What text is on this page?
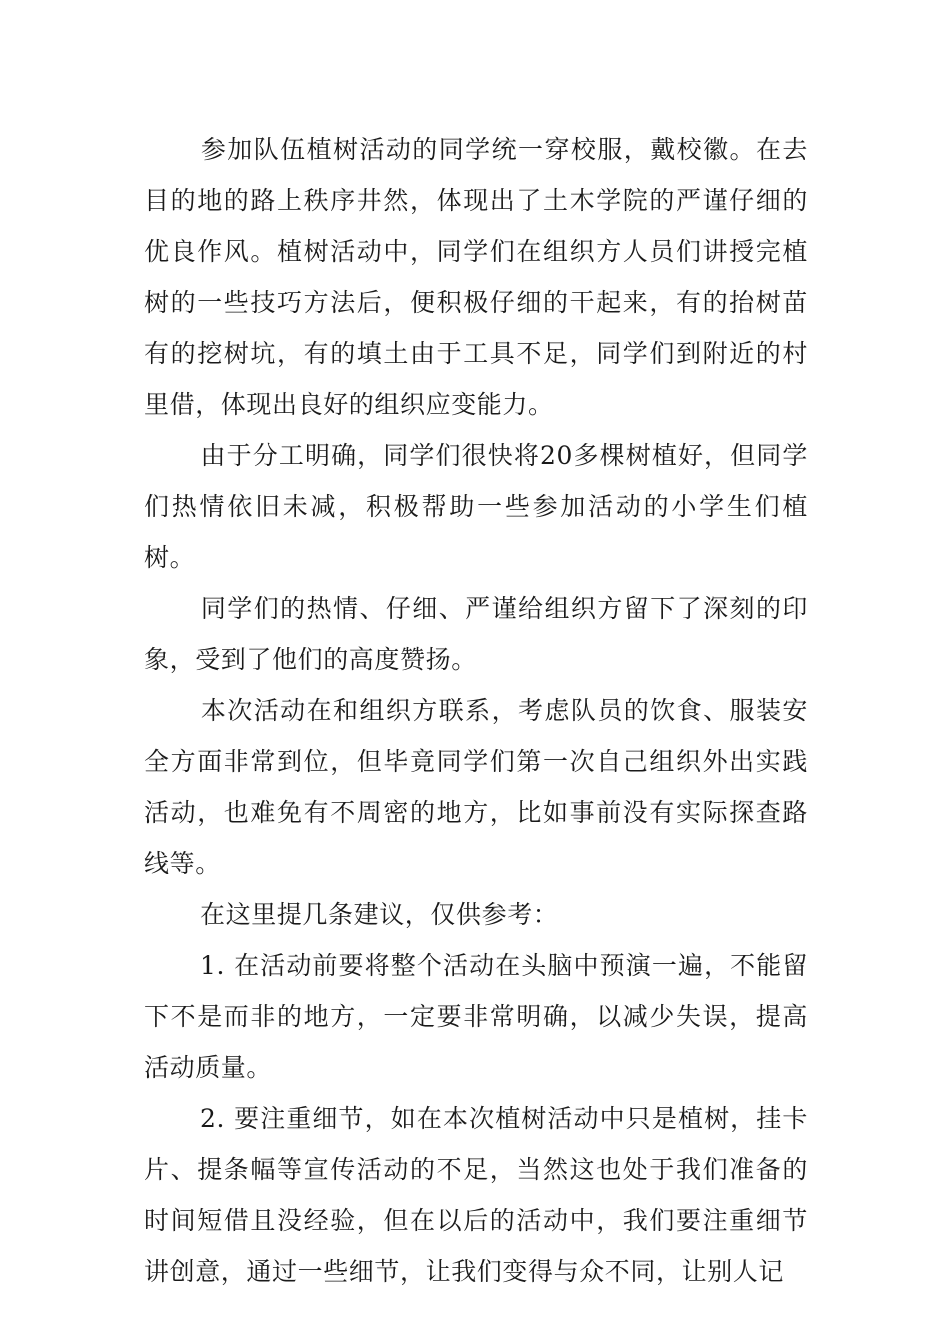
参加队伍植树活动的同学统一穿校服，戴校徽。在去目的地的路上秩序井然，体现出了土木学院的严谨仔细的优良作风。植树活动中，同学们在组织方人员们讲授完植树的一些技巧方法后，便积极仔细的干起来，有的抬树苗有的挖树坑，有的填土由于工具不足，同学们到附近的村里借，体现出良好的组织应变能力。

由于分工明确，同学们很快将20多棵树植好，但同学们热情依旧未减，积极帮助一些参加活动的小学生们植树。

同学们的热情、仔细、严谨给组织方留下了深刻的印象，受到了他们的高度赞扬。

本次活动在和组织方联系，考虑队员的饮食、服装安全方面非常到位，但毕竟同学们第一次自己组织外出实践活动，也难免有不周密的地方，比如事前没有实际探查路线等。

在这里提几条建议，仅供参考：

1. 在活动前要将整个活动在头脑中预演一遍，不能留下不是而非的地方，一定要非常明确，以减少失误，提高活动质量。

2. 要注重细节，如在本次植树活动中只是植树，挂卡片、提条幅等宣传活动的不足，当然这也处于我们准备的时间短借且没经验，但在以后的活动中，我们要注重细节讲创意，通过一些细节，让我们变得与众不同，让别人记
